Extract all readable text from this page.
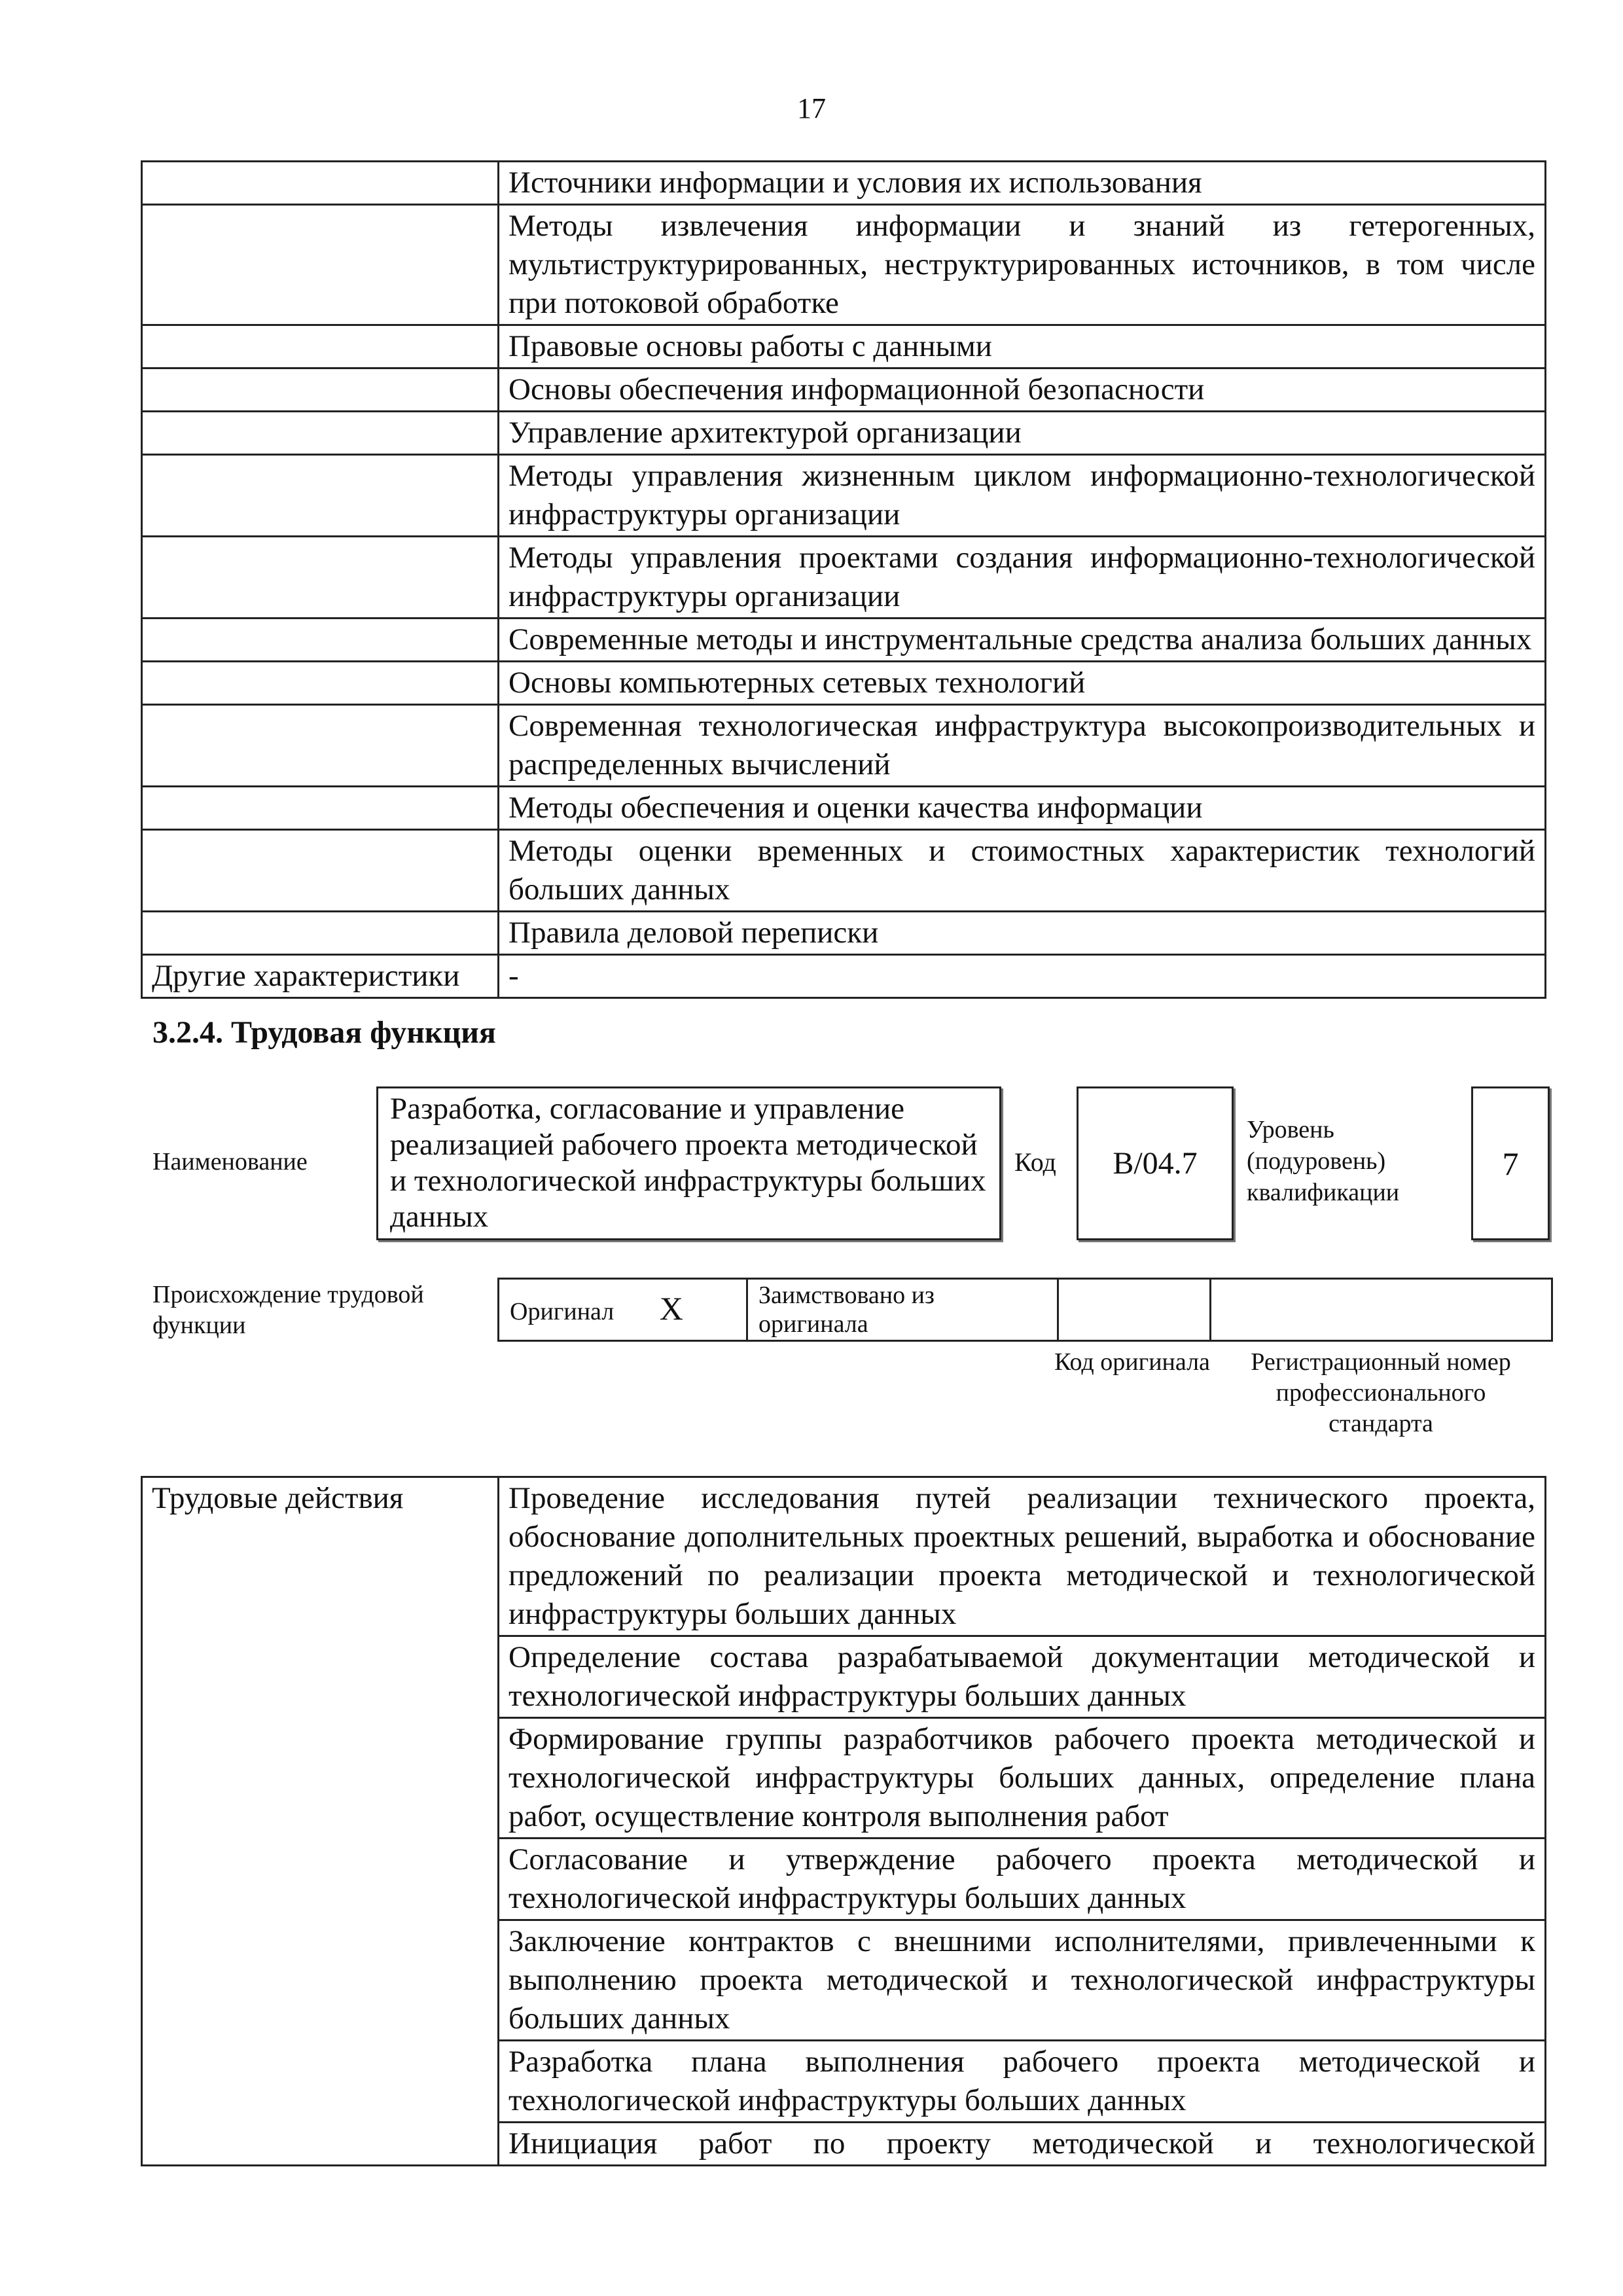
17
	Источники информации и условия их использования
	Методы извлечения информации и знаний из гетерогенных, мультиструктурированных, неструктурированных источников, в том числе при потоковой обработке
	Правовые основы работы с данными
	Основы обеспечения информационной безопасности
	Управление архитектурой организации
	Методы управления жизненным циклом информационно-технологической инфраструктуры организации
	Методы управления проектами создания информационно-технологической инфраструктуры организации
	Современные методы и инструментальные средства анализа больших данных
	Основы компьютерных сетевых технологий
	Современная технологическая инфраструктура высокопроизводительных и распределенных вычислений
	Методы обеспечения и оценки качества информации
	Методы оценки временных и стоимостных характеристик технологий больших данных
	Правила деловой переписки
Другие характеристики	-
3.2.4. Трудовая функция
Наименование
Разработка, согласование и управление реализацией рабочего проекта методической и технологической инфраструктуры больших данных
Код	B/04.7
Уровень
(подуровень)
квалификации
7
Происхождение трудовой функции
Оригинал X	Заимствовано из оригинала		
Код оригинала	Регистрационный номер профессионального стандарта
Трудовые действия	Проведение исследования путей реализации технического проекта, обоснование дополнительных проектных решений, выработка и обоснование предложений по реализации проекта методической и технологической инфраструктуры больших данных
	Определение состава разрабатываемой документации методической и технологической инфраструктуры больших данных
	Формирование группы разработчиков рабочего проекта методической и технологической инфраструктуры больших данных, определение плана работ, осуществление контроля выполнения работ
	Согласование и утверждение рабочего проекта методической и технологической инфраструктуры больших данных
	Заключение контрактов с внешними исполнителями, привлеченными к выполнению проекта методической и технологической инфраструктуры больших данных
	Разработка плана выполнения рабочего проекта методической и технологической инфраструктуры больших данных
	Инициация работ по проекту методической и технологической
